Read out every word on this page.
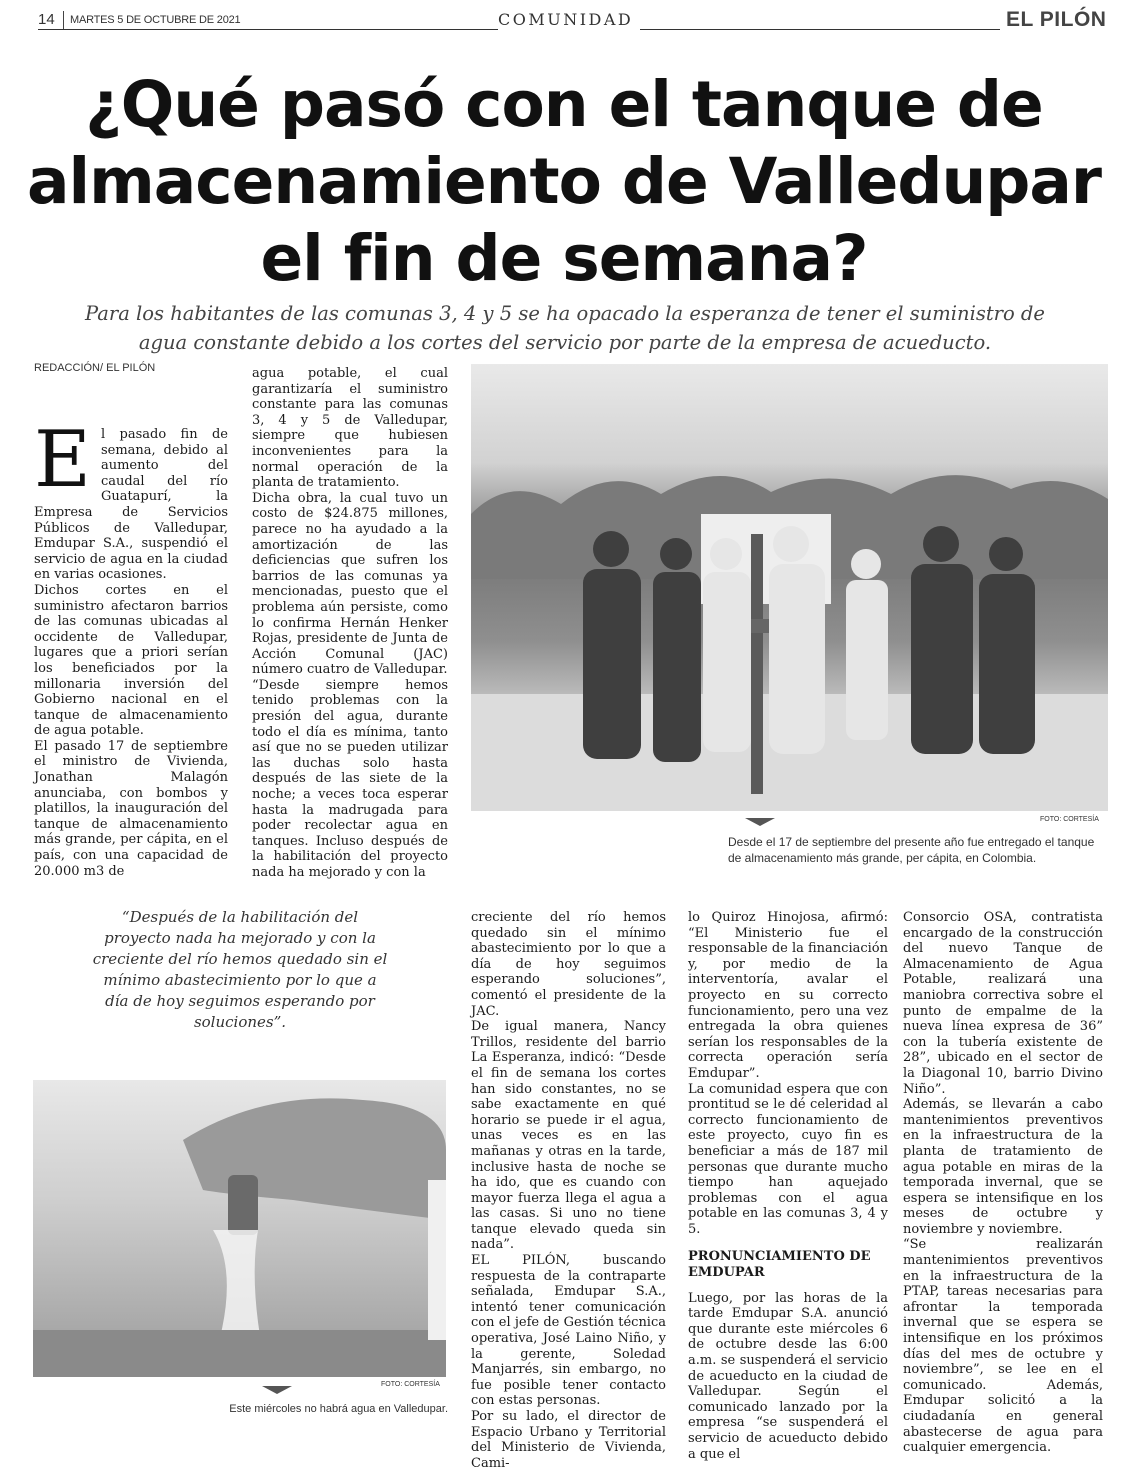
14 MARTES 5 DE OCTUBRE DE 2021	COMUNIDAD	EL PILÓN
¿Qué pasó con el tanque de
almacenamiento de Valledupar
el fin de semana?
Para los habitantes de las comunas 3, 4 y 5 se ha opacado la esperanza de tener el suministro de
agua constante debido a los cortes del servicio por parte de la empresa de acueducto.
REDACCIÓN/ EL PILÓN

El pasado fin de semana, debido al aumento del caudal del río Guatapurí, la Empresa de Servicios Públicos de Valledupar, Emdupar S.A., suspendió el servicio de agua en la ciudad en varias ocasiones.

Dichos cortes en el suministro afectaron barrios de las comunas ubicadas al occidente de Valledupar, lugares que a priori serían los beneficiados por la millonaria inversión del Gobierno nacional en el tanque de almacenamiento de agua potable.

El pasado 17 de septiembre el ministro de Vivienda, Jonathan Malagón anunciaba, con bombos y platillos, la inauguración del tanque de almacenamiento más grande, per cápita, en el país, con una capacidad de 20.000 m3 de

agua potable, el cual garantizaría el suministro constante para las comunas 3, 4 y 5 de Valledupar, siempre que hubiesen inconvenientes para la normal operación de la planta de tratamiento.

Dicha obra, la cual tuvo un costo de $24.875 millones, parece no ha ayudado a la amortización de las deficiencias que sufren los barrios de las comunas ya mencionadas, puesto que el problema aún persiste, como lo confirma Hernán Henker Rojas, presidente de Junta de Acción Comunal (JAC) número cuatro de Valledupar.

“Desde siempre hemos tenido problemas con la presión del agua, durante todo el día es mínima, tanto así que no se pueden utilizar las duchas solo hasta después de las siete de la noche; a veces toca esperar hasta la madrugada para poder recolectar agua en tanques. Incluso después de la habilitación del proyecto nada ha mejorado y con la

FOTO: CORTESÍA
Desde el 17 de septiembre del presente año fue entregado el tanque de almacenamiento más grande, per cápita, en Colombia.
“Después de la habilitación del proyecto nada ha mejorado y con la creciente del río hemos quedado sin el mínimo abastecimiento por lo que a día de hoy seguimos esperando por soluciones”.
FOTO: CORTESÍA
Este miércoles no habrá agua en Valledupar.

creciente del río hemos quedado sin el mínimo abastecimiento por lo que a día de hoy seguimos esperando soluciones”, comentó el presidente de la JAC.

De igual manera, Nancy Trillos, residente del barrio La Esperanza, indicó: “Desde el fin de semana los cortes han sido constantes, no se sabe exactamente en qué horario se puede ir el agua, unas veces es en las mañanas y otras en la tarde, inclusive hasta de noche se ha ido, que es cuando con mayor fuerza llega el agua a las casas. Si uno no tiene tanque elevado queda sin nada”.

EL PILÓN, buscando respuesta de la contraparte señalada, Emdupar S.A., intentó tener comunicación con el jefe de Gestión técnica operativa, José Laino Niño, y la gerente, Soledad Manjarrés, sin embargo, no fue posible tener contacto con estas personas.

Por su lado, el director de Espacio Urbano y Territorial del Ministerio de Vivienda, Cami-

lo Quiroz Hinojosa, afirmó: “El Ministerio fue el responsable de la financiación y, por medio de la interventoría, avalar el proyecto en su correcto funcionamiento, pero una vez entregada la obra quienes serían los responsables de la correcta operación sería Emdupar”.

La comunidad espera que con prontitud se le dé celeridad al correcto funcionamiento de este proyecto, cuyo fin es beneficiar a más de 187 mil personas que durante mucho tiempo han aquejado problemas con el agua potable en las comunas 3, 4 y 5.

PRONUNCIAMIENTO DE EMDUPAR

Luego, por las horas de la tarde Emdupar S.A. anunció que durante este miércoles 6 de octubre desde las 6:00 a.m. se suspenderá el servicio de acueducto en la ciudad de Valledupar. Según el comunicado lanzado por la empresa “se suspenderá el servicio de acueducto debido a que el

Consorcio OSA, contratista encargado de la construcción del nuevo Tanque de Almacenamiento de Agua Potable, realizará una maniobra correctiva sobre el punto de empalme de la nueva línea expresa de 36” con la tubería existente de 28”, ubicado en el sector de la Diagonal 10, barrio Divino Niño”.

Además, se llevarán a cabo mantenimientos preventivos en la infraestructura de la planta de tratamiento de agua potable en miras de la temporada invernal, que se espera se intensifique en los meses de octubre y noviembre y noviembre.

“Se realizarán mantenimientos preventivos en la infraestructura de la PTAP, tareas necesarias para afrontar la temporada invernal que se espera se intensifique en los próximos días del mes de octubre y noviembre”, se lee en el comunicado. Además, Emdupar solicitó a la ciudadanía en general abastecerse de agua para cualquier emergencia.
